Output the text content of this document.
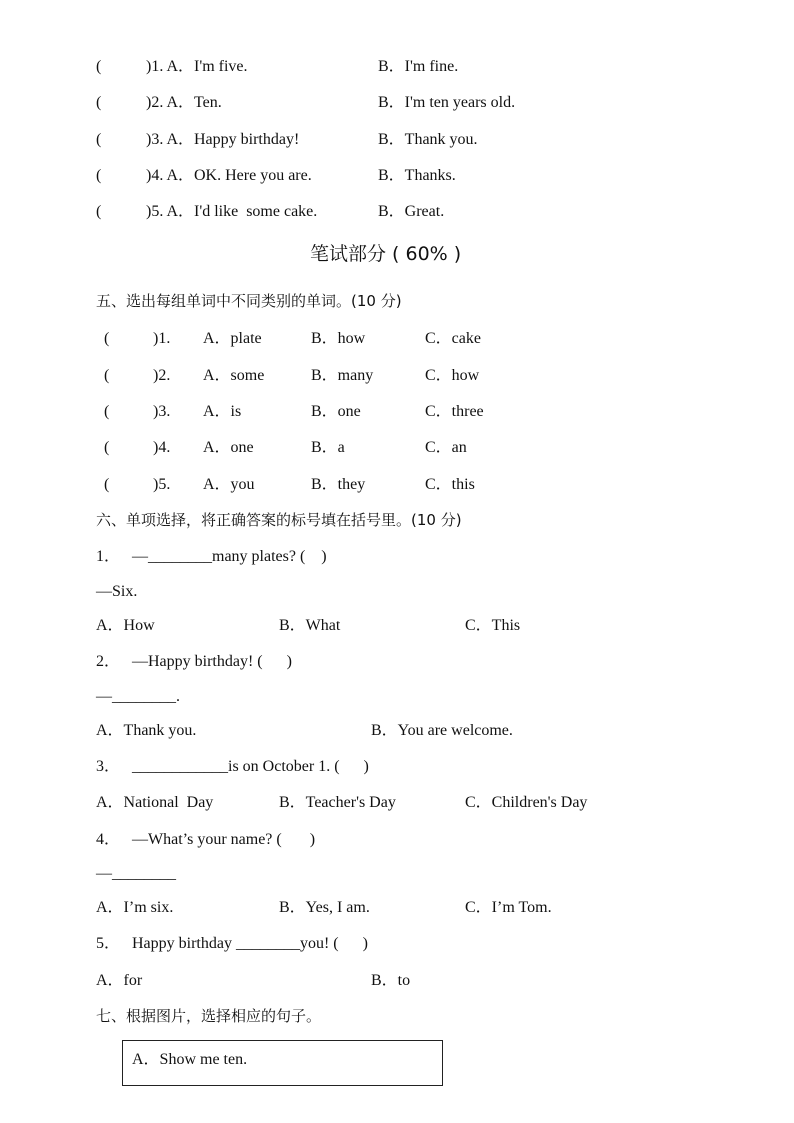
(	)1. A．I'm five.	B．I'm fine.
(	)2. A．Ten.	B．I'm ten years old.
(	)3. A．Happy birthday!	B．Thank you.
(	)4. A．OK. Here you are.	B．Thanks.
(	)5. A．I'd like  some cake.	B．Great.
笔试部分 ( 60% )
五、选出每组单词中不同类别的单词。(10 分)
(	)1. A．plate	B．how	C．cake
(	)2. A．some	B．many	C．how
(	)3. A．is	B．one	C．three
(	)4. A．one	B．a	C．an
(	)5. A．you	B．they	C．this
六、单项选择，将正确答案的标号填在括号里。(10 分)
1．   —________many plates? (    )
—Six.
A．How	B．What	C．This
2．   —Happy birthday! (      )
—________.
A．Thank you.	B．You are welcome.
3．   ____________is on October 1. (      )
A．National  Day	B．Teacher's Day	C．Children's Day
4．   —What’s your name? (       )
—________
A．I’m six.	B．Yes, I am.	C．I’m Tom.
5．   Happy birthday ________you! (      )
A．for	B．to
七、根据图片，选择相应的句子。
A．Show me ten.
